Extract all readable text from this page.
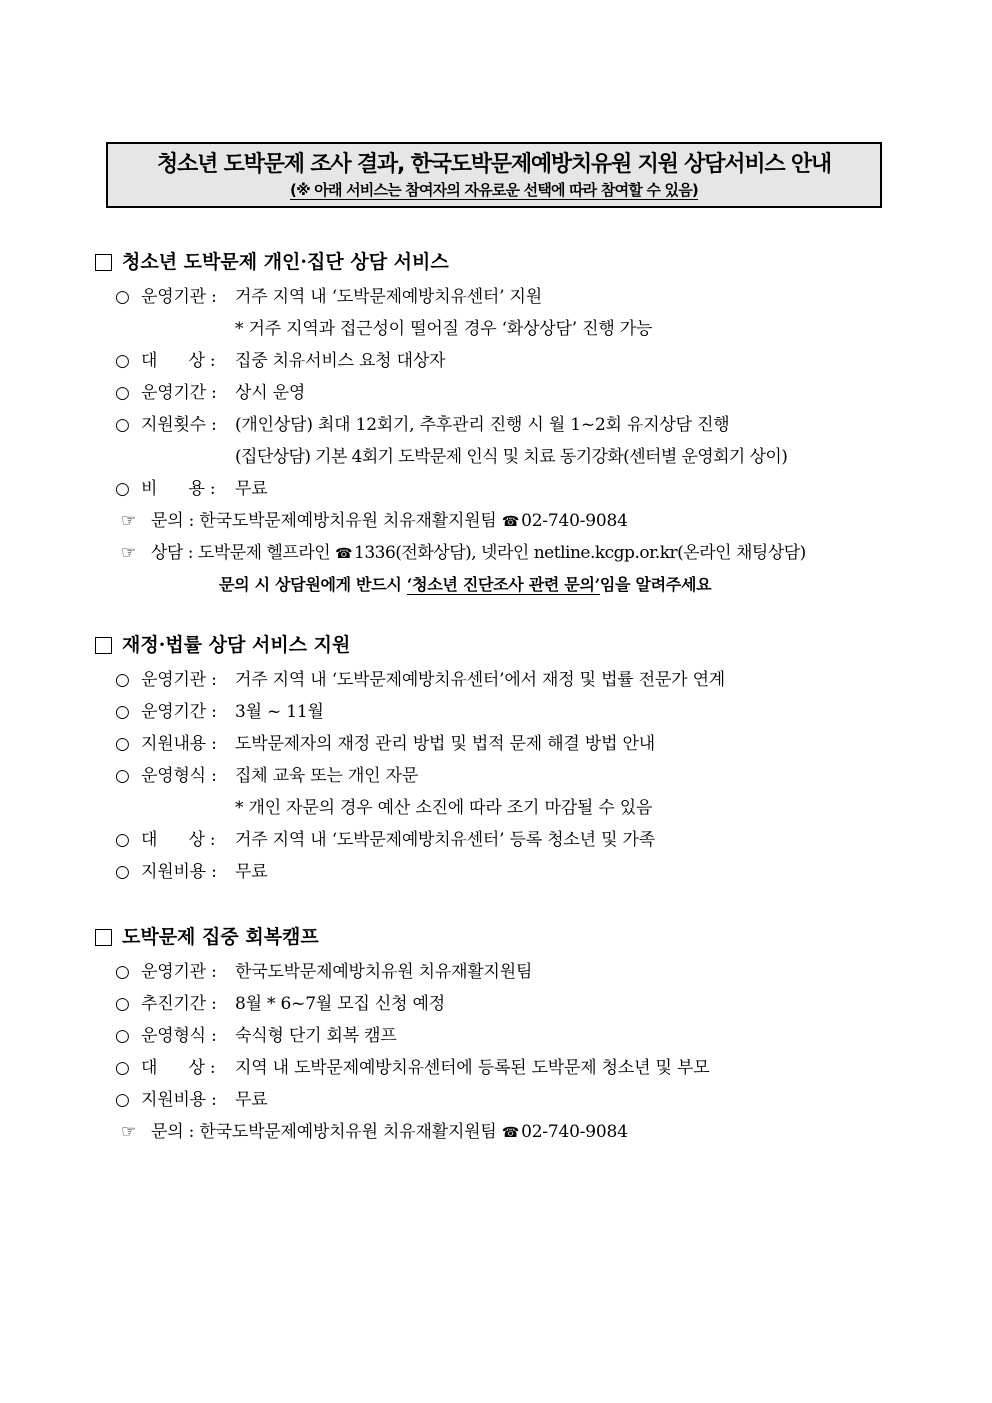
청소년 도박문제 조사 결과, 한국도박문제예방치유원 지원 상담서비스 안내
(※ 아래 서비스는 참여자의 자유로운 선택에 따라 참여할 수 있음)
청소년 도박문제 개인·집단 상담 서비스
○ 운영기관 : 거주 지역 내 ‘도박문제예방치유센터’ 지원
* 거주 지역과 접근성이 떨어질 경우 ‘화상상담’ 진행 가능
○ 대      상 : 집중 치유서비스 요청 대상자
○ 운영기간 : 상시 운영
○ 지원횟수 : (개인상담) 최대 12회기, 추후관리 진행 시 월 1~2회 유지상담 진행
(집단상담) 기본 4회기 도박문제 인식 및 치료 동기강화(센터별 운영회기 상이)
○ 비      용 : 무료
☞ 문의 : 한국도박문제예방치유원 치유재활지원팀 ☎ 02-740-9084
☞ 상담 : 도박문제 헬프라인 ☎ 1336(전화상담), 넷라인 netline.kcgp.or.kr(온라인 채팅상담)
문의 시 상담원에게 반드시 ‘청소년 진단조사 관련 문의’임을 알려주세요
재정·법률 상담 서비스 지원
○ 운영기관 : 거주 지역 내 ‘도박문제예방치유센터’에서 재정 및 법률 전문가 연계
○ 운영기간 : 3월 ~ 11월
○ 지원내용 : 도박문제자의 재정 관리 방법 및 법적 문제 해결 방법 안내
○ 운영형식 : 집체 교육 또는 개인 자문
* 개인 자문의 경우 예산 소진에 따라 조기 마감될 수 있음
○ 대      상 : 거주 지역 내 ‘도박문제예방치유센터’ 등록 청소년 및 가족
○ 지원비용 : 무료
도박문제 집중 회복캠프
○ 운영기관 : 한국도박문제예방치유원 치유재활지원팀
○ 추진기간 : 8월 * 6~7월 모집 신청 예정
○ 운영형식 : 숙식형 단기 회복 캠프
○ 대      상 : 지역 내 도박문제예방치유센터에 등록된 도박문제 청소년 및 부모
○ 지원비용 : 무료
☞ 문의 : 한국도박문제예방치유원 치유재활지원팀 ☎ 02-740-9084
